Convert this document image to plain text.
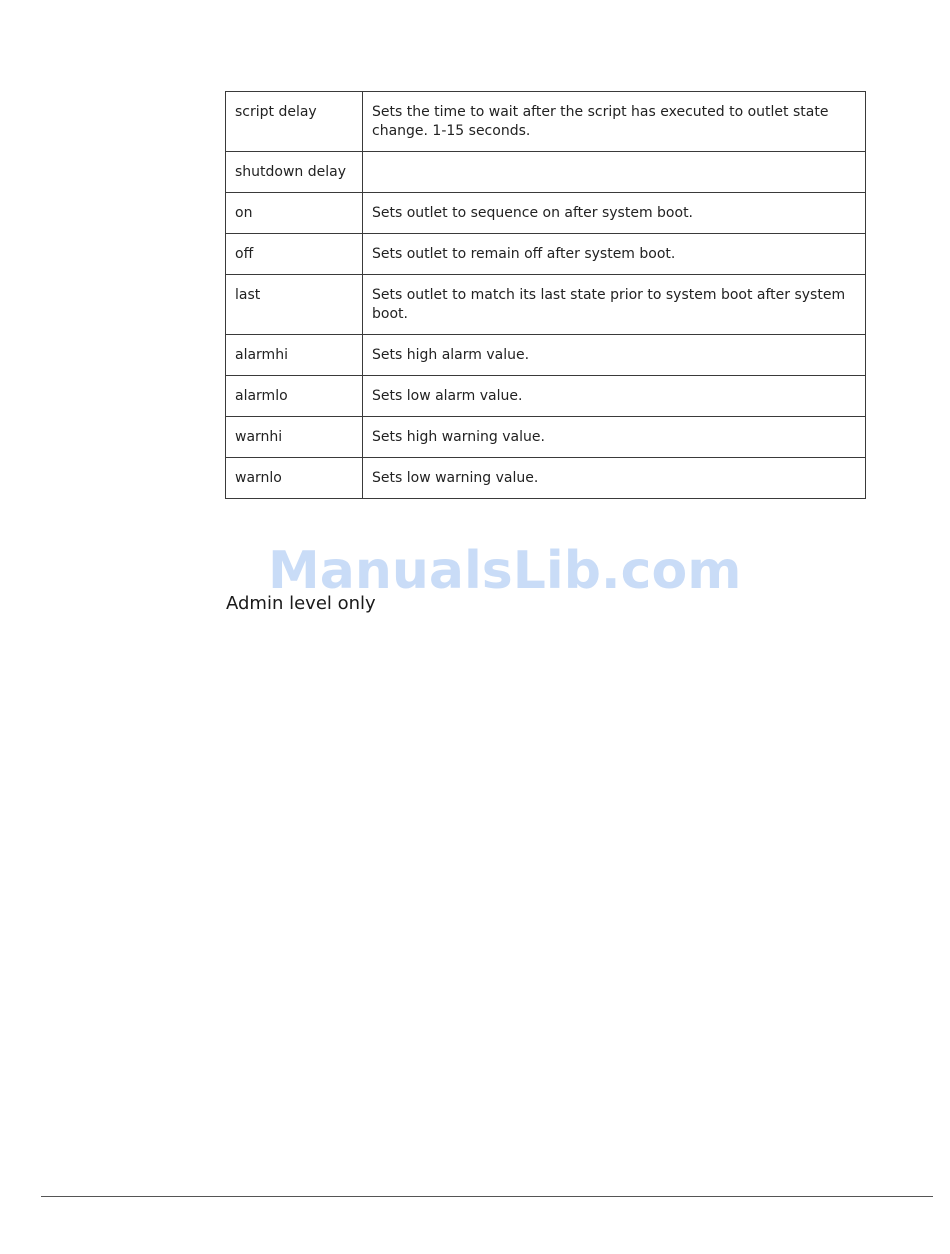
script delay	Sets the time to wait after the script has executed to outlet state change. 1-15 seconds.
shutdown delay	
on	Sets outlet to sequence on after system boot.
off	Sets outlet to remain off after system boot.
last	Sets outlet to match its last state prior to system boot after system boot.
alarmhi	Sets high alarm value.
alarmlo	Sets low alarm value.
warnhi	Sets high warning value.
warnlo	Sets low warning value.
ManualsLib.com
Admin level only
